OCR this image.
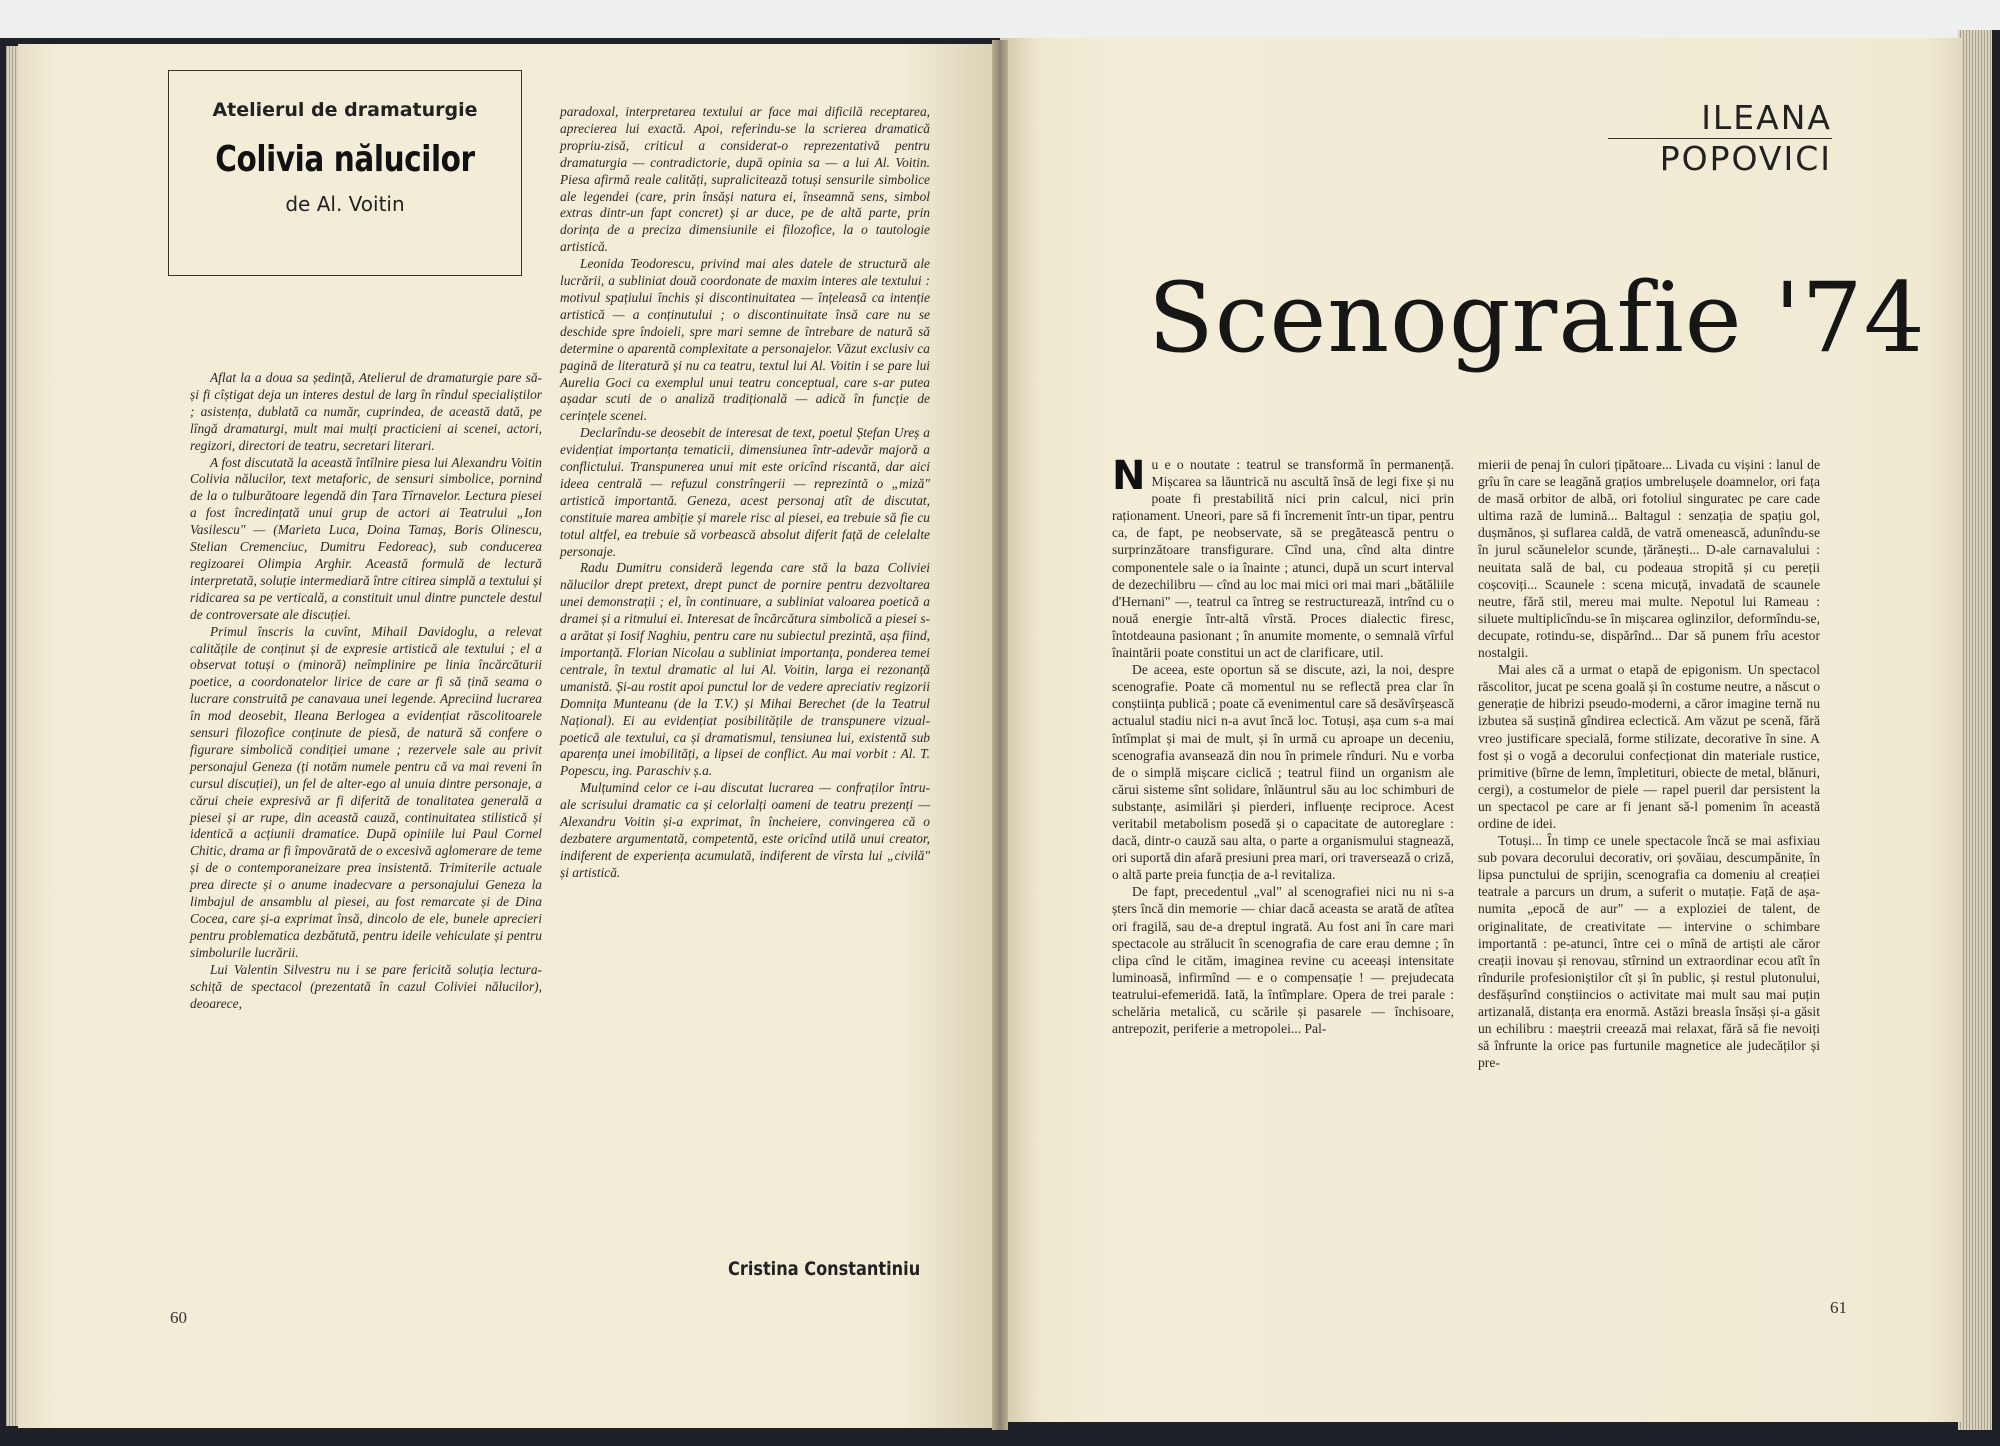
Atelierul de dramaturgie
Colivia nălucilor
de Al. Voitin

Aflat la a doua sa ședință, Atelierul de dramaturgie pare să-și fi cîștigat deja un interes destul de larg în rîndul specialiștilor ; asistența, dublată ca număr, cuprindea, de această dată, pe lîngă dramaturgi, mult mai mulți practicieni ai scenei, actori, regizori, directori de teatru, secretari literari.

A fost discutată la această întîlnire piesa lui Alexandru Voitin Colivia nălucilor, text metaforic, de sensuri simbolice, pornind de la o tulburătoare legendă din Țara Tîrnavelor. Lectura piesei a fost încredințată unui grup de actori ai Teatrului „Ion Vasilescu" — (Marieta Luca, Doina Tamaș, Boris Olinescu, Stelian Cremenciuc, Dumitru Fedoreac), sub conducerea regizoarei Olimpia Arghir. Această formulă de lectură interpretată, soluție intermediară între citirea simplă a textului și ridicarea sa pe verticală, a constituit unul dintre punctele destul de controversate ale discuției.

Primul înscris la cuvînt, Mihail Davidoglu, a relevat calitățile de conținut și de expresie artistică ale textului ; el a observat totuși o (minoră) neîmplinire pe linia încărcăturii poetice, a coordonatelor lirice de care ar fi să țină seama o lucrare construită pe canavaua unei legende. Apreciind lucrarea în mod deosebit, Ileana Berlogea a evidențiat răscolitoarele sensuri filozofice conținute de piesă, de natură să confere o figurare simbolică condiției umane ; rezervele sale au privit personajul Geneza (ți notăm numele pentru că va mai reveni în cursul discuției), un fel de alter-ego al unuia dintre personaje, a cărui cheie expresivă ar fi diferită de tonalitatea generală a piesei și ar rupe, din această cauză, continuitatea stilistică și identică a acțiunii dramatice. După opiniile lui Paul Cornel Chitic, drama ar fi împovărată de o excesivă aglomerare de teme și de o contemporaneizare prea insistentă. Trimiterile actuale prea directe și o anume inadecvare a personajului Geneza la limbajul de ansamblu al piesei, au fost remarcate și de Dina Cocea, care și-a exprimat însă, dincolo de ele, bunele aprecieri pentru problematica dezbătută, pentru ideile vehiculate și pentru simbolurile lucrării.

Lui Valentin Silvestru nu i se pare fericită soluția lectura-schiță de spectacol (prezentată în cazul Coliviei nălucilor), deoarece,

paradoxal, interpretarea textului ar face mai dificilă receptarea, aprecierea lui exactă. Apoi, referindu-se la scrierea dramatică propriu-zisă, criticul a considerat-o reprezentativă pentru dramaturgia — contradictorie, după opinia sa — a lui Al. Voitin. Piesa afirmă reale calități, supralicitează totuși sensurile simbolice ale legendei (care, prin însăși natura ei, înseamnă sens, simbol extras dintr-un fapt concret) și ar duce, pe de altă parte, prin dorința de a preciza dimensiunile ei filozofice, la o tautologie artistică.

Leonida Teodorescu, privind mai ales datele de structură ale lucrării, a subliniat două coordonate de maxim interes ale textului : motivul spațiului închis și discontinuitatea — înțeleasă ca intenție artistică — a conținutului ; o discontinuitate însă care nu se deschide spre îndoieli, spre mari semne de întrebare de natură să determine o aparentă complexitate a personajelor. Văzut exclusiv ca pagină de literatură și nu ca teatru, textul lui Al. Voitin i se pare lui Aurelia Goci ca exemplul unui teatru conceptual, care s-ar putea așadar scuti de o analiză tradițională — adică în funcție de cerințele scenei.

Declarîndu-se deosebit de interesat de text, poetul Ștefan Ureș a evidențiat importanța tematicii, dimensiunea într-adevăr majoră a conflictului. Transpunerea unui mit este oricînd riscantă, dar aici ideea centrală — refuzul constrîngerii — reprezintă o „miză" artistică importantă. Geneza, acest personaj atît de discutat, constituie marea ambiție și marele risc al piesei, ea trebuie să fie cu totul altfel, ea trebuie să vorbească absolut diferit față de celelalte personaje.

Radu Dumitru consideră legenda care stă la baza Coliviei nălucilor drept pretext, drept punct de pornire pentru dezvoltarea unei demonstrații ; el, în continuare, a subliniat valoarea poetică a dramei și a ritmului ei. Interesat de încărcătura simbolică a piesei s-a arătat și Iosif Naghiu, pentru care nu subiectul prezintă, așa fiind, importanță. Florian Nicolau a subliniat importanța, ponderea temei centrale, în textul dramatic al lui Al. Voitin, larga ei rezonanță umanistă. Și-au rostit apoi punctul lor de vedere apreciativ regizorii Domnița Munteanu (de la T.V.) și Mihai Berechet (de la Teatrul Național). Ei au evidențiat posibilitățile de transpunere vizual-poetică ale textului, ca și dramatismul, tensiunea lui, existentă sub aparența unei imobilități, a lipsei de conflict. Au mai vorbit : Al. T. Popescu, ing. Paraschiv ș.a.

Mulțumind celor ce i-au discutat lucrarea — confraților întru-ale scrisului dramatic ca și celorlalți oameni de teatru prezenți — Alexandru Voitin și-a exprimat, în încheiere, convingerea că o dezbatere argumentată, competentă, este oricînd utilă unui creator, indiferent de experiența acumulată, indiferent de vîrsta lui „civilă" și artistică.

Cristina Constantiniu
60
ILEANA
POPOVICI
Scenografie '74

Nu e o noutate : teatrul se transformă în permanență. Mișcarea sa lăuntrică nu ascultă însă de legi fixe și nu poate fi prestabilită nici prin calcul, nici prin raționament. Uneori, pare să fi încremenit într-un tipar, pentru ca, de fapt, pe neobservate, să se pregătească pentru o surprinzătoare transfigurare. Cînd una, cînd alta dintre componentele sale o ia înainte ; atunci, după un scurt interval de dezechilibru — cînd au loc mai mici ori mai mari „bătăliile d'Hernani" —, teatrul ca întreg se restructurează, intrînd cu o nouă energie într-altă vîrstă. Proces dialectic firesc, întotdeauna pasionant ; în anumite momente, o semnală vîrful înaintării poate constitui un act de clarificare, util.

De aceea, este oportun să se discute, azi, la noi, despre scenografie. Poate că momentul nu se reflectă prea clar în conștiința publică ; poate că evenimentul care să desăvîrșească actualul stadiu nici n-a avut încă loc. Totuși, așa cum s-a mai întîmplat și mai de mult, și în urmă cu aproape un deceniu, scenografia avansează din nou în primele rînduri. Nu e vorba de o simplă mișcare ciclică ; teatrul fiind un organism ale cărui sisteme sînt solidare, înlăuntrul său au loc schimburi de substanțe, asimilări și pierderi, influențe reciproce. Acest veritabil metabolism posedă și o capacitate de autoreglare : dacă, dintr-o cauză sau alta, o parte a organismului stagnează, ori suportă din afară presiuni prea mari, ori traversează o criză, o altă parte preia funcția de a-l revitaliza.

De fapt, precedentul „val" al scenografiei nici nu ni s-a șters încă din memorie — chiar dacă aceasta se arată de atîtea ori fragilă, sau de-a dreptul ingrată. Au fost ani în care mari spectacole au strălucit în scenografia de care erau demne ; în clipa cînd le cităm, imaginea revine cu aceeași intensitate luminoasă, infirmînd — e o compensație ! — prejudecata teatrului-efemeridă. Iată, la întîmplare. Opera de trei parale : schelăria metalică, cu scările și pasarele — închisoare, antrepozit, periferie a metropolei... Pal-

mierii de penaj în culori țipătoare... Livada cu vișini : lanul de grîu în care se leagănă grațios umbrelușele doamnelor, ori fața de masă orbitor de albă, ori fotoliul singuratec pe care cade ultima rază de lumină... Baltagul : senzația de spațiu gol, dușmănos, și suflarea caldă, de vatră omenească, adunîndu-se în jurul scăunelelor scunde, țărănești... D-ale carnavalului : neuitata sală de bal, cu podeaua stropită și cu pereții coșcoviți... Scaunele : scena micuță, invadată de scaunele neutre, fără stil, mereu mai multe. Nepotul lui Rameau : siluete multiplicîndu-se în mișcarea oglinzilor, deformîndu-se, decupate, rotindu-se, dispărînd... Dar să punem frîu acestor nostalgii.

Mai ales că a urmat o etapă de epigonism. Un spectacol răscolitor, jucat pe scena goală și în costume neutre, a născut o generație de hibrizi pseudo-moderni, a căror imagine ternă nu izbutea să susțină gîndirea eclectică. Am văzut pe scenă, fără vreo justificare specială, forme stilizate, decorative în sine. A fost și o vogă a decorului confecționat din materiale rustice, primitive (bîrne de lemn, împletituri, obiecte de metal, blănuri, cergi), a costumelor de piele — rapel pueril dar persistent la un spectacol pe care ar fi jenant să-l pomenim în această ordine de idei.

Totuși... În timp ce unele spectacole încă se mai asfixiau sub povara decorului decorativ, ori șovăiau, descumpănite, în lipsa punctului de sprijin, scenografia ca domeniu al creației teatrale a parcurs un drum, a suferit o mutație. Față de așa-numita „epocă de aur" — a exploziei de talent, de originalitate, de creativitate — intervine o schimbare importantă : pe-atunci, între cei o mînă de artiști ale căror creații inovau și renovau, stîrnind un extraordinar ecou atît în rîndurile profesioniștilor cît și în public, și restul plutonului, desfășurînd conștiincios o activitate mai mult sau mai puțin artizanală, distanța era enormă. Astăzi breasla însăși și-a găsit un echilibru : maeștrii creează mai relaxat, fără să fie nevoiți să înfrunte la orice pas furtunile magnetice ale judecăților și pre-

61
